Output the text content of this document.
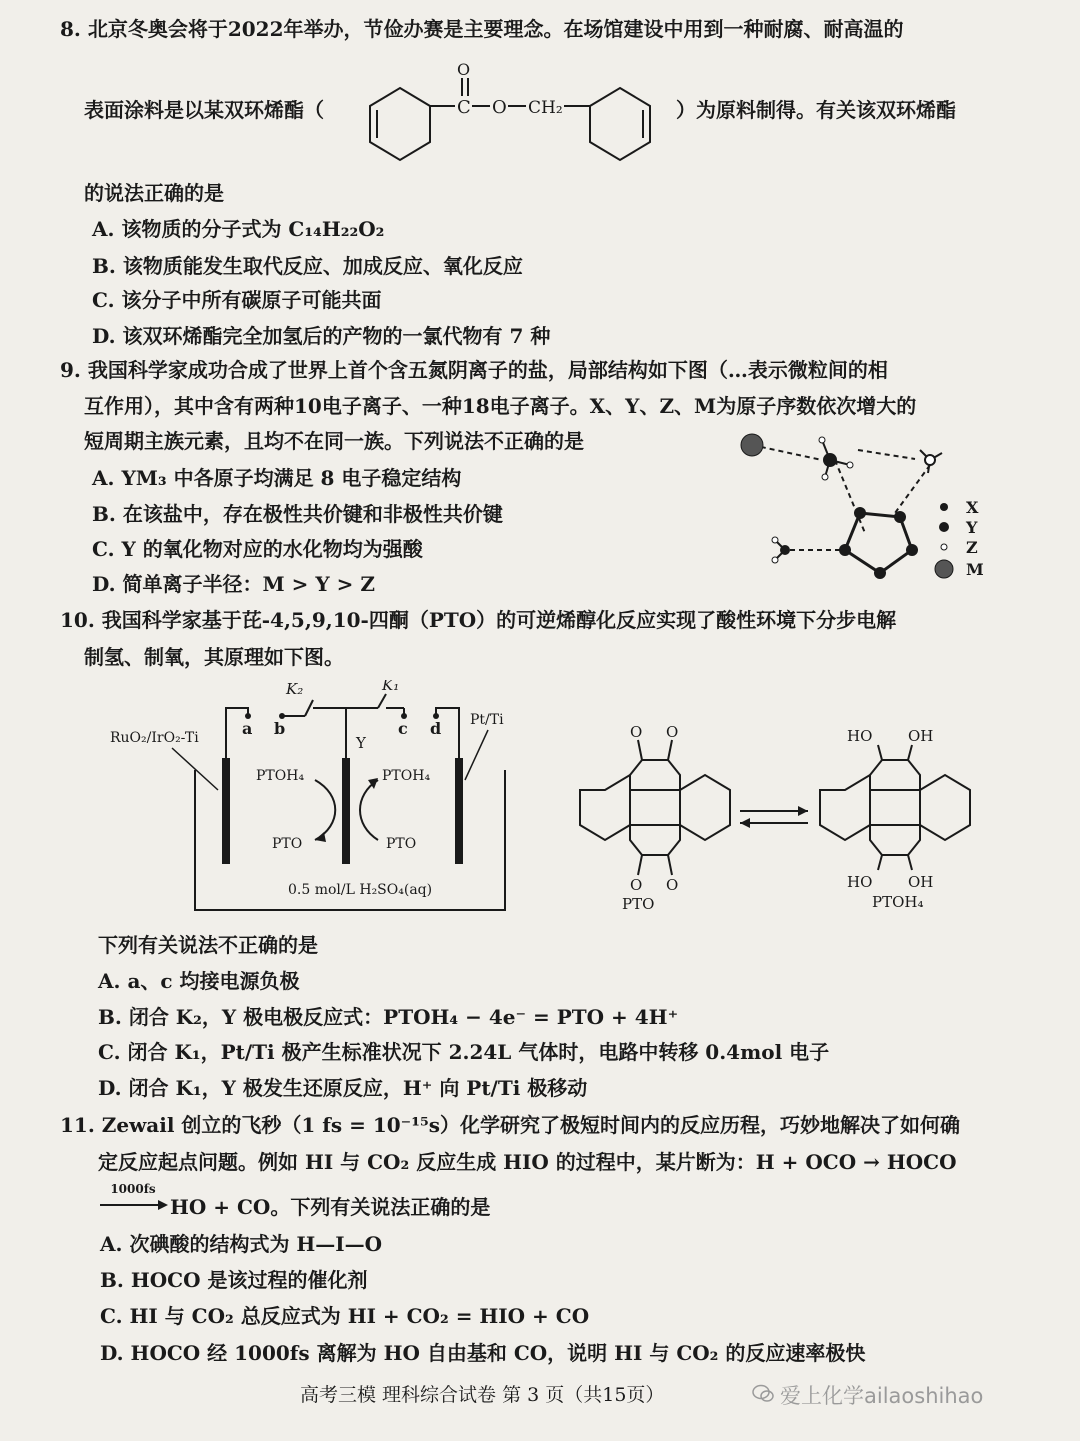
8. 北京冬奥会将于2022年举办，节俭办赛是主要理念。在场馆建设中用到一种耐腐、耐高温的
表面涂料是以某双环烯酯（	C
O
O CH₂	）为原料制得。有关该双环烯酯
的说法正确的是
A. 该物质的分子式为 C₁₄H₂₂O₂
B. 该物质能发生取代反应、加成反应、氧化反应
C. 该分子中所有碳原子可能共面
D. 该双环烯酯完全加氢后的产物的一氯代物有 7 种
9. 我国科学家成功合成了世界上首个含五氮阴离子的盐，局部结构如下图（…表示微粒间的相
互作用），其中含有两种10电子离子、一种18电子离子。X、Y、Z、M为原子序数依次增大的
短周期主族元素，且均不在同一族。下列说法不正确的是
A. YM₃ 中各原子均满足 8 电子稳定结构
B. 在该盐中，存在极性共价键和非极性共价键
C. Y 的氧化物对应的水化物均为强酸
D. 简单离子半径：M > Y > Z
X
Y
Z
M
10. 我国科学家基于芘-4,5,9,10-四酮（PTO）的可逆烯醇化反应实现了酸性环境下分步电解
制氢、制氧，其原理如下图。
RuO₂/IrO₂-Ti
Pt/Ti
K₂	K₁
a b	c d
Y
PTOH₄	PTOH₄
PTO	PTO
0.5 mol/L H₂SO₄(aq)
O O
O O
PTO
HO OH
HO OH
PTOH₄
下列有关说法不正确的是
A. a、c 均接电源负极
B. 闭合 K₂，Y 极电极反应式：PTOH₄ − 4e⁻ = PTO + 4H⁺
C. 闭合 K₁，Pt/Ti 极产生标准状况下 2.24L 气体时，电路中转移 0.4mol 电子
D. 闭合 K₁，Y 极发生还原反应，H⁺ 向 Pt/Ti 极移动
11. Zewail 创立的飞秒（1 fs = 10⁻¹⁵s）化学研究了极短时间内的反应历程，巧妙地解决了如何确
定反应起点问题。例如 HI 与 CO₂ 反应生成 HIO 的过程中，某片断为：H + OCO → HOCO
1000fs
HO + CO。下列有关说法正确的是
A. 次碘酸的结构式为 H—I—O
B. HOCO 是该过程的催化剂
C. HI 与 CO₂ 总反应式为 HI + CO₂ = HIO + CO
D. HOCO 经 1000fs 离解为 HO 自由基和 CO，说明 HI 与 CO₂ 的反应速率极快
高考三模 理科综合试卷 第 3 页（共15页）	爱上化学ailaoshihao
